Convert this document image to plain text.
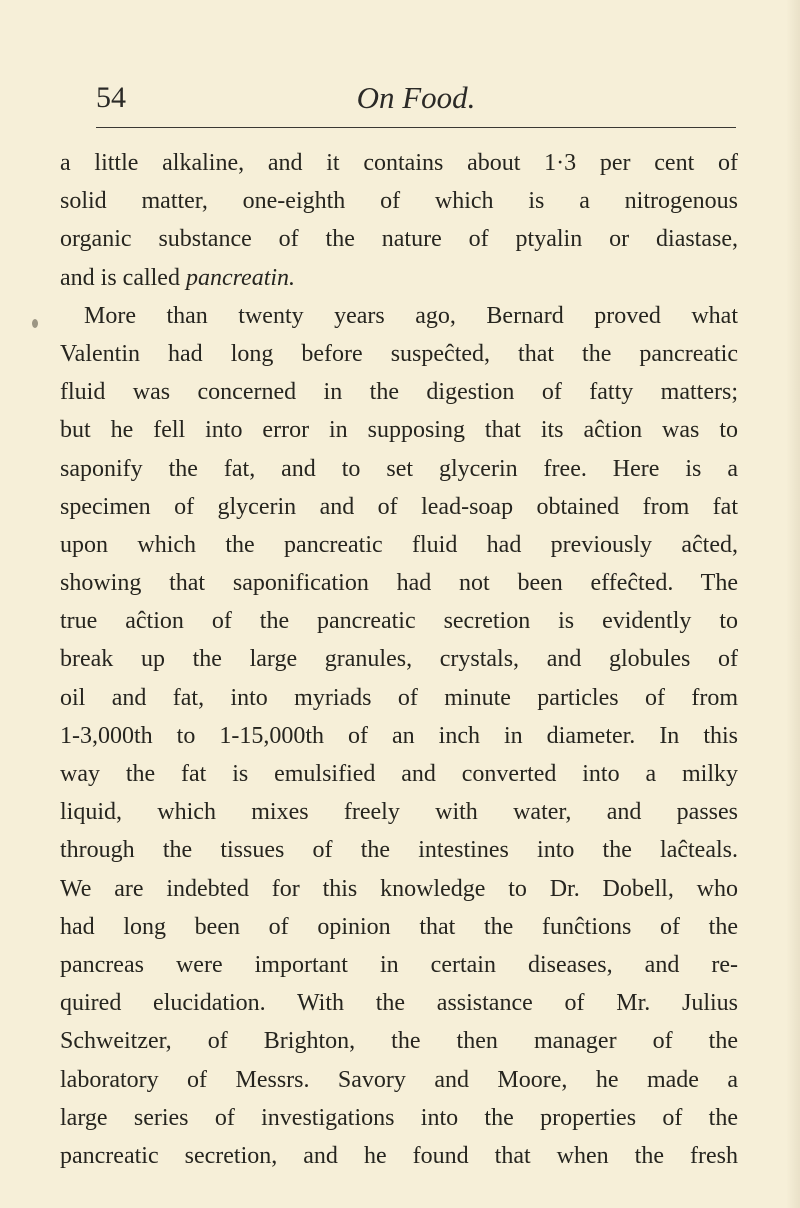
54	On Food.
a little alkaline, and it contains about 1·3 per cent of
solid matter, one-eighth of which is a nitrogenous
organic substance of the nature of ptyalin or diastase,
and is called pancreatin.
More than twenty years ago, Bernard proved what
Valentin had long before suspeĉted, that the pancreatic
fluid was concerned in the digestion of fatty matters;
but he fell into error in supposing that its aĉtion was to
saponify the fat, and to set glycerin free. Here is a
specimen of glycerin and of lead-soap obtained from fat
upon which the pancreatic fluid had previously aĉted,
showing that saponification had not been effeĉted. The
true aĉtion of the pancreatic secretion is evidently to
break up the large granules, crystals, and globules of
oil and fat, into myriads of minute particles of from
1-3,000th to 1-15,000th of an inch in diameter. In this
way the fat is emulsified and converted into a milky
liquid, which mixes freely with water, and passes
through the tissues of the intestines into the laĉteals.
We are indebted for this knowledge to Dr. Dobell, who
had long been of opinion that the funĉtions of the
pancreas were important in certain diseases, and re-
quired elucidation. With the assistance of Mr. Julius
Schweitzer, of Brighton, the then manager of the
laboratory of Messrs. Savory and Moore, he made a
large series of investigations into the properties of the
pancreatic secretion, and he found that when the fresh
